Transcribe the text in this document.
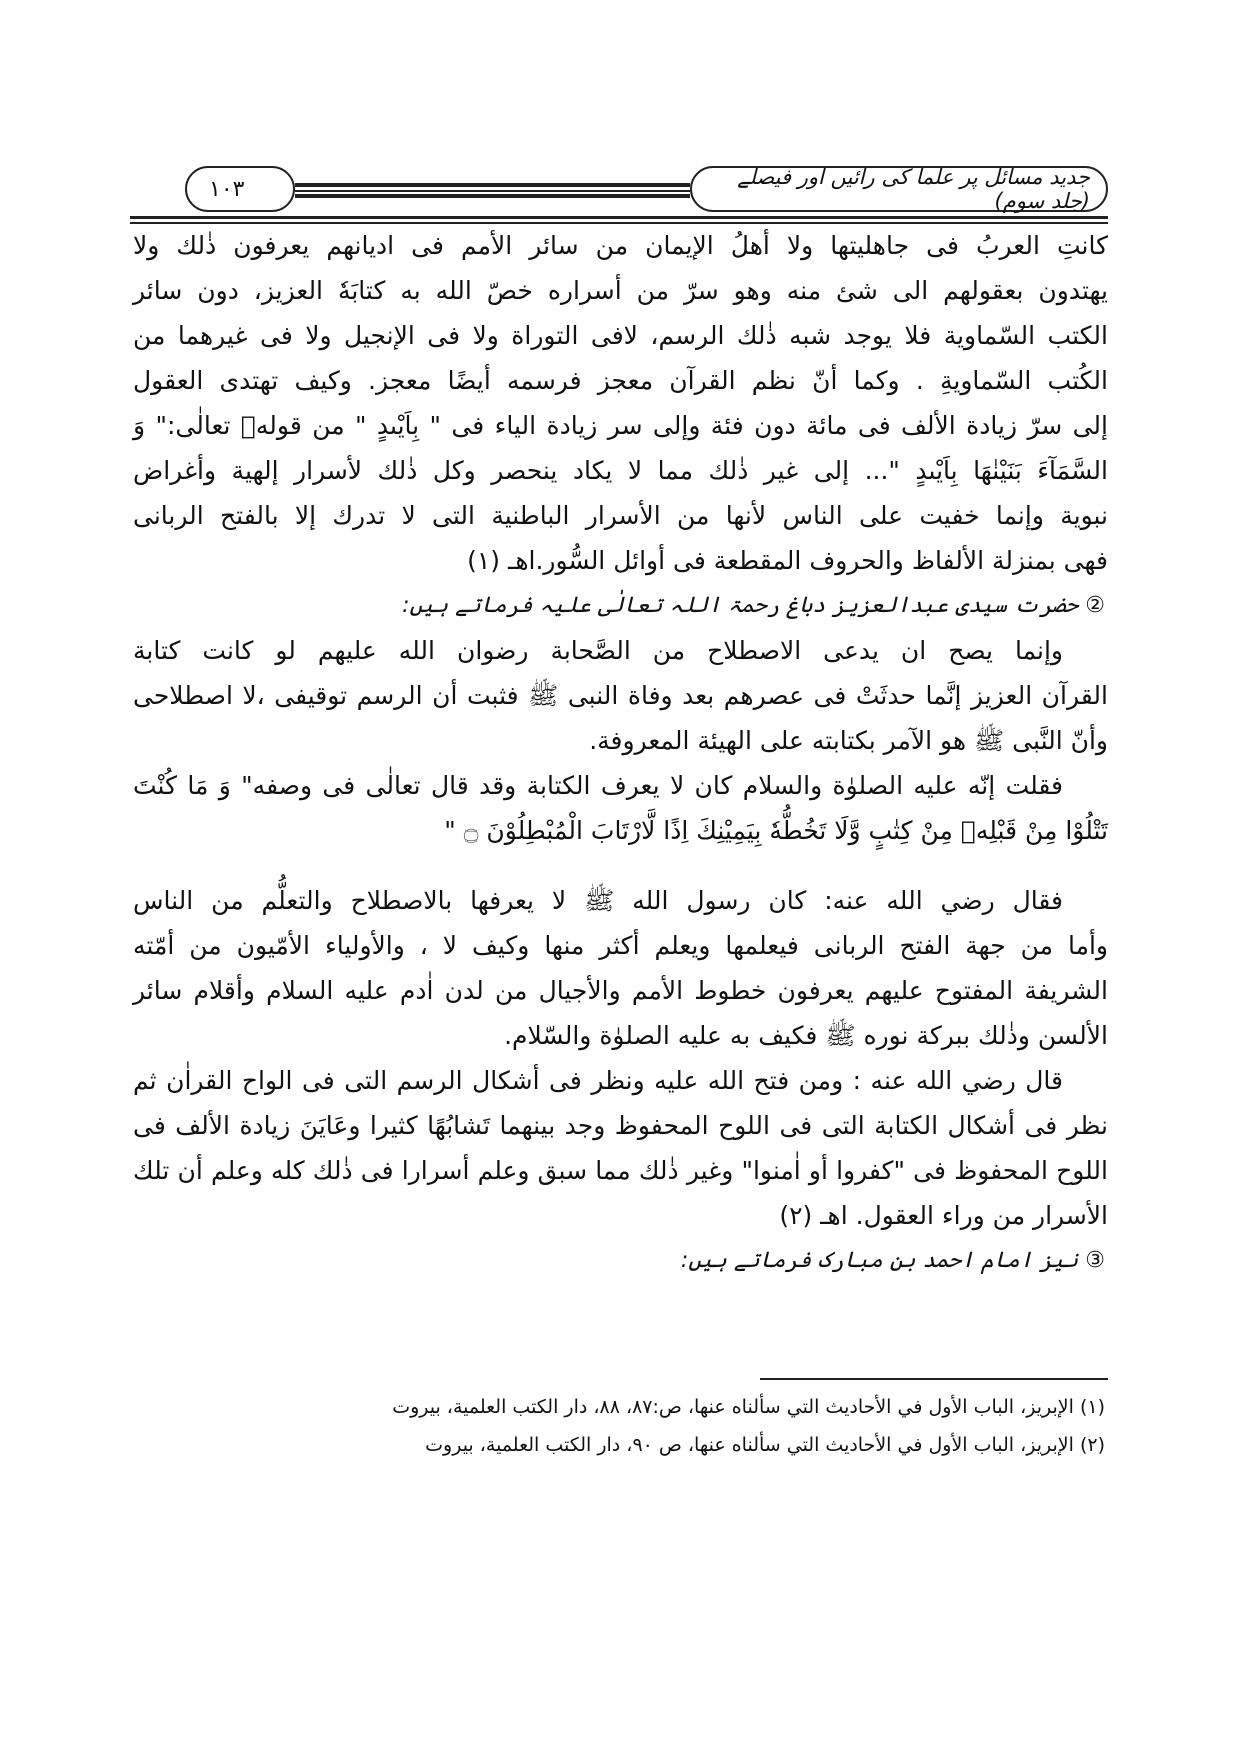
۱۰۳	جدید مسائل پر علما کی رائیں اور فیصلے (جلد سوم)
كانتِ العربُ فى جاهليتها ولا أهلُ الإيمان من سائر الأمم فى اديانهم يعرفون ذٰلك ولا
يهتدون بعقولهم الى شئ منه وهو سرّ من أسراره خصّ الله به كتابَهٗ العزيز، دون سائر
الكتب السّماوية فلا يوجد شبه ذٰلك الرسم، لافى التوراة ولا فى الإنجيل ولا فى غيرهما من
الكُتب السّماويةِ . وكما أنّ نظم القرآن معجز فرسمه أيضًا معجز. وكيف تهتدى العقول
إلى سرّ زيادة الألف فى مائة دون فئة وإلى سر زيادة الياء فى " بِاَيْىدٍ " من قولهٖ تعالٰى:" وَ
السَّمَآءَ بَنَيْنٰهَا بِاَيْىدٍ "... إلى غير ذٰلك مما لا يكاد ينحصر وكل ذٰلك لأسرار إلهية وأغراض
نبوية وإنما خفيت على الناس لأنها من الأسرار الباطنية التى لا تدرك إلا بالفتح الربانى
فهى بمنزلة الألفاظ والحروف المقطعة فى أوائل السُّور.اهـ (۱)
② حضرت سیدی عبدالعزیز دباغ رحمۃ اللہ تعالٰی علیہ فرماتے ہیں:
وإنما يصح ان يدعى الاصطلاح من الصَّحابة رضوان الله عليهم لو كانت كتابة
القرآن العزيز إنَّما حدثَتْ فى عصرهم بعد وفاة النبى ﷺ فثبت أن الرسم توقيفى ،لا اصطلاحى
وأنّ النَّبى ﷺ هو الآمر بكتابته على الهيئة المعروفة.
فقلت إنّه عليه الصلوٰة والسلام كان لا يعرف الكتابة وقد قال تعالٰى فى وصفه" وَ مَا كُنْتَ
تَتْلُوْا مِنْ قَبْلِهٖ مِنْ كِتٰبٍ وَّلَا تَخُطُّهٗ بِيَمِيْنِكَ اِذًا لَّارْتَابَ الْمُبْطِلُوْنَ ۝ "
فقال رضي الله عنه: كان رسول الله ﷺ لا يعرفها بالاصطلاح والتعلُّم من الناس
وأما من جهة الفتح الربانى فيعلمها ويعلم أكثر منها وكيف لا ، والأولياء الأمّيون من أمّته
الشريفة المفتوح عليهم يعرفون خطوط الأمم والأجيال من لدن اٰدم عليه السلام وأقلام سائر
الألسن وذٰلك ببركة نوره ﷺ فكيف به عليه الصلوٰة والسّلام.
قال رضي الله عنه : ومن فتح الله عليه ونظر فى أشكال الرسم التى فى الواح القراٰن ثم
نظر فى أشكال الكتابة التى فى اللوح المحفوظ وجد بينهما تَشابُهًا كثيرا وعَايَنَ زيادة الألف فى
اللوح المحفوظ فى "كفروا أو اٰمنوا" وغير ذٰلك مما سبق وعلم أسرارا فى ذٰلك كله وعلم أن تلك
الأسرار من وراء العقول. اهـ (۲)
③ نیز امام احمد بن مبارک فرماتے ہیں:
(۱) الإبريز، الباب الأول في الأحاديث التي سألناه عنها، ص:۸۷، ۸۸، دار الكتب العلمية، بيروت
(۲) الإبريز، الباب الأول في الأحاديث التي سألناه عنها، ص ۹۰، دار الكتب العلمية، بيروت
